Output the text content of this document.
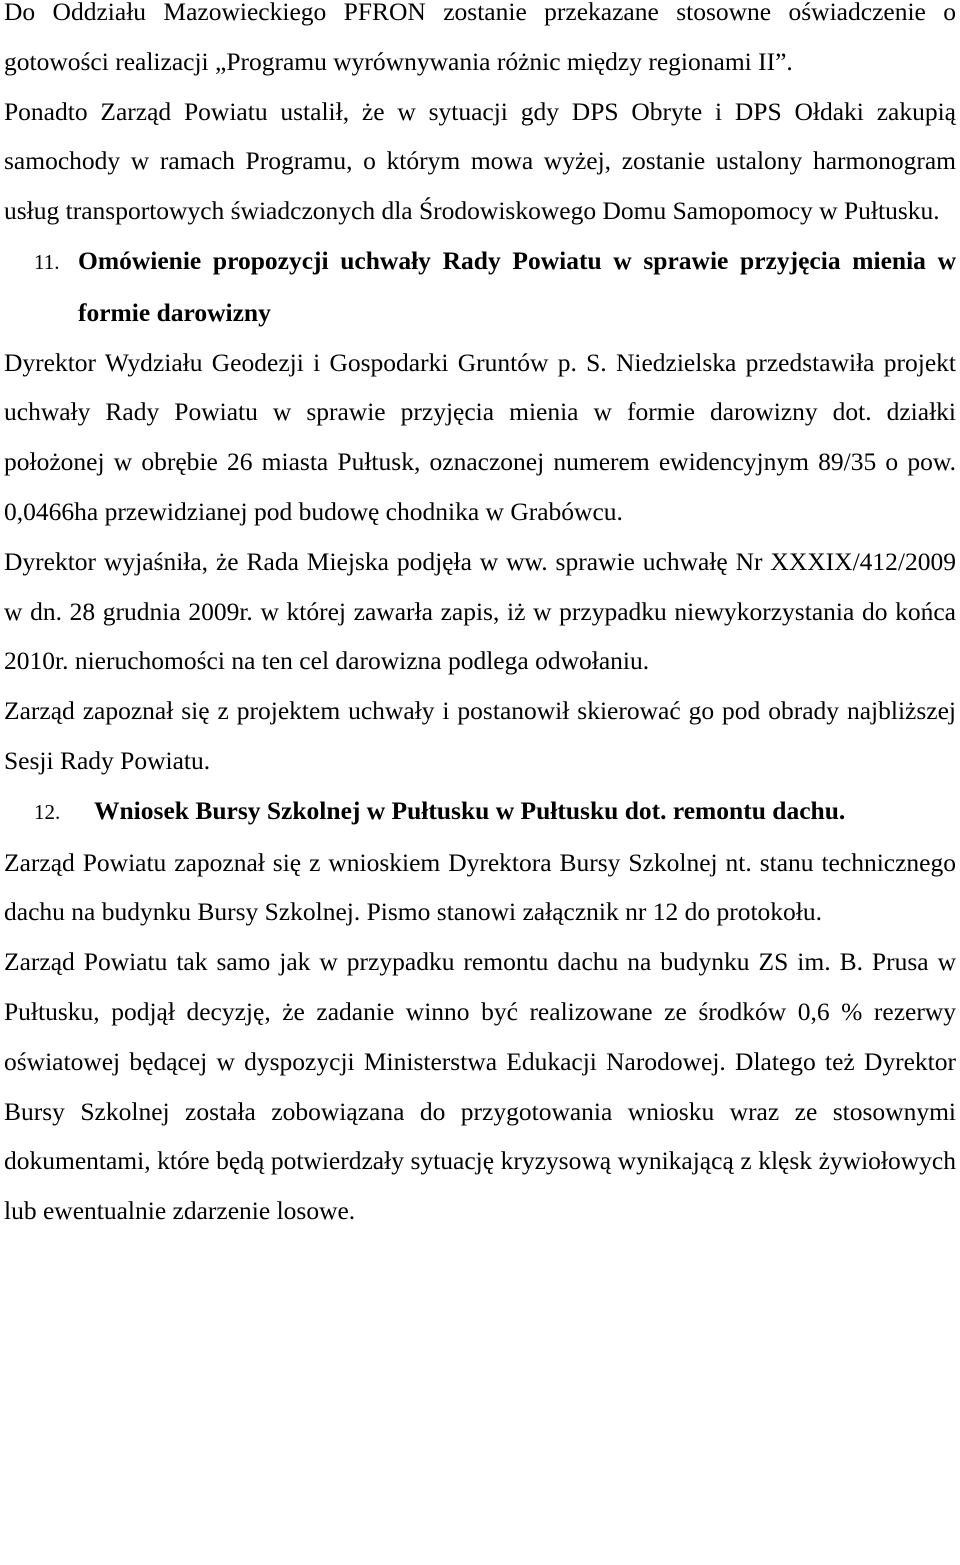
Do Oddziału Mazowieckiego PFRON zostanie przekazane stosowne oświadczenie o gotowości realizacji „Programu wyrównywania różnic między regionami II”.

Ponadto Zarząd Powiatu ustalił, że w sytuacji gdy DPS Obryte i DPS Ołdaki zakupią samochody w ramach Programu, o którym mowa wyżej, zostanie ustalony harmonogram usług transportowych świadczonych dla Środowiskowego Domu Samopomocy w Pułtusku.

11. Omówienie propozycji uchwały Rady Powiatu w sprawie przyjęcia mienia w formie darowizny

Dyrektor Wydziału Geodezji i Gospodarki Gruntów p. S. Niedzielska przedstawiła projekt uchwały Rady Powiatu w sprawie przyjęcia mienia w formie darowizny dot. działki położonej w obrębie 26 miasta Pułtusk, oznaczonej numerem ewidencyjnym 89/35 o pow. 0,0466ha przewidzianej pod budowę chodnika w Grabówcu.

Dyrektor wyjaśniła, że Rada Miejska podjęła w ww. sprawie uchwałę Nr XXXIX/412/2009 w dn. 28 grudnia 2009r. w której zawarła zapis, iż w przypadku niewykorzystania do końca 2010r. nieruchomości na ten cel darowizna podlega odwołaniu.

Zarząd zapoznał się z projektem uchwały i postanowił skierować go pod obrady najbliższej Sesji Rady Powiatu.

12. Wniosek Bursy Szkolnej w Pułtusku w Pułtusku dot. remontu dachu.

Zarząd Powiatu zapoznał się z wnioskiem Dyrektora Bursy Szkolnej nt. stanu technicznego dachu na budynku Bursy Szkolnej. Pismo stanowi załącznik nr 12 do protokołu.

Zarząd Powiatu tak samo jak w przypadku remontu dachu na budynku ZS im. B. Prusa w Pułtusku, podjął decyzję, że zadanie winno być realizowane ze środków 0,6 % rezerwy oświatowej będącej w dyspozycji Ministerstwa Edukacji Narodowej. Dlatego też Dyrektor Bursy Szkolnej została zobowiązana do przygotowania wniosku wraz ze stosownymi dokumentami, które będą potwierdzały sytuację kryzysową wynikającą z klęsk żywiołowych lub ewentualnie zdarzenie losowe.
